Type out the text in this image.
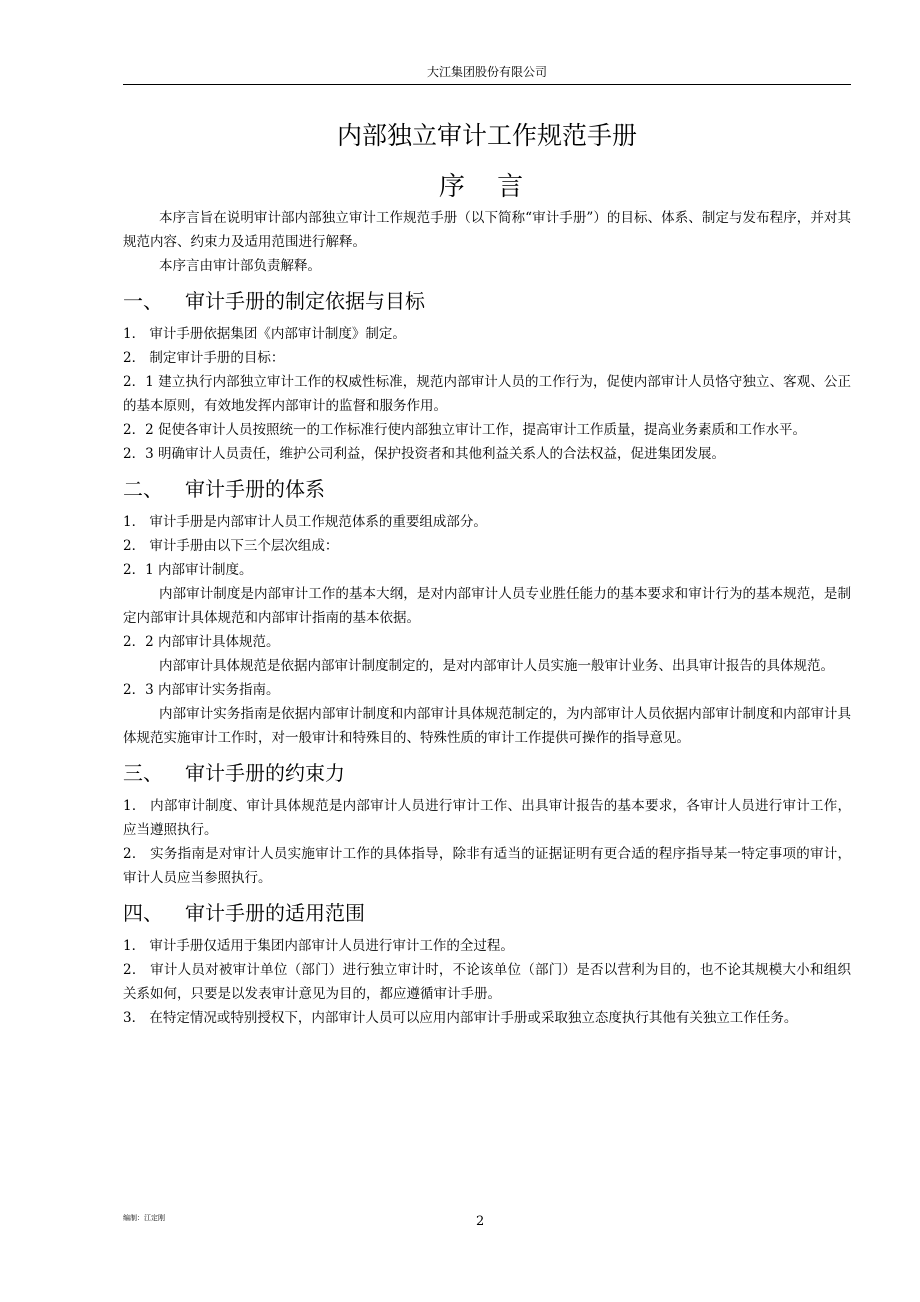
大江集团股份有限公司
内部独立审计工作规范手册
序 言

本序言旨在说明审计部内部独立审计工作规范手册（以下简称“审计手册”）的目标、体系、制定与发布程序，并对其规范内容、约束力及适用范围进行解释。

本序言由审计部负责解释。

一、	审计手册的制定依据与目标

1． 审计手册依据集团《内部审计制度》制定。

2． 制定审计手册的目标：

2．1 建立执行内部独立审计工作的权威性标准，规范内部审计人员的工作行为，促使内部审计人员恪守独立、客观、公正的基本原则，有效地发挥内部审计的监督和服务作用。

2．2 促使各审计人员按照统一的工作标准行使内部独立审计工作，提高审计工作质量，提高业务素质和工作水平。

2．3 明确审计人员责任，维护公司利益，保护投资者和其他利益关系人的合法权益，促进集团发展。

二、	审计手册的体系

1． 审计手册是内部审计人员工作规范体系的重要组成部分。

2． 审计手册由以下三个层次组成：

2．1 内部审计制度。

内部审计制度是内部审计工作的基本大纲，是对内部审计人员专业胜任能力的基本要求和审计行为的基本规范，是制定内部审计具体规范和内部审计指南的基本依据。

2．2 内部审计具体规范。

内部审计具体规范是依据内部审计制度制定的，是对内部审计人员实施一般审计业务、出具审计报告的具体规范。

2．3 内部审计实务指南。

内部审计实务指南是依据内部审计制度和内部审计具体规范制定的，为内部审计人员依据内部审计制度和内部审计具体规范实施审计工作时，对一般审计和特殊目的、特殊性质的审计工作提供可操作的指导意见。

三、	审计手册的约束力

1． 内部审计制度、审计具体规范是内部审计人员进行审计工作、出具审计报告的基本要求，各审计人员进行审计工作，应当遵照执行。

2． 实务指南是对审计人员实施审计工作的具体指导，除非有适当的证据证明有更合适的程序指导某一特定事项的审计，审计人员应当参照执行。

四、	审计手册的适用范围

1． 审计手册仅适用于集团内部审计人员进行审计工作的全过程。

2． 审计人员对被审计单位（部门）进行独立审计时，不论该单位（部门）是否以营利为目的，也不论其规模大小和组织关系如何，只要是以发表审计意见为目的，都应遵循审计手册。

3． 在特定情况或特别授权下，内部审计人员可以应用内部审计手册或采取独立态度执行其他有关独立工作任务。

编制：江定刚	2
